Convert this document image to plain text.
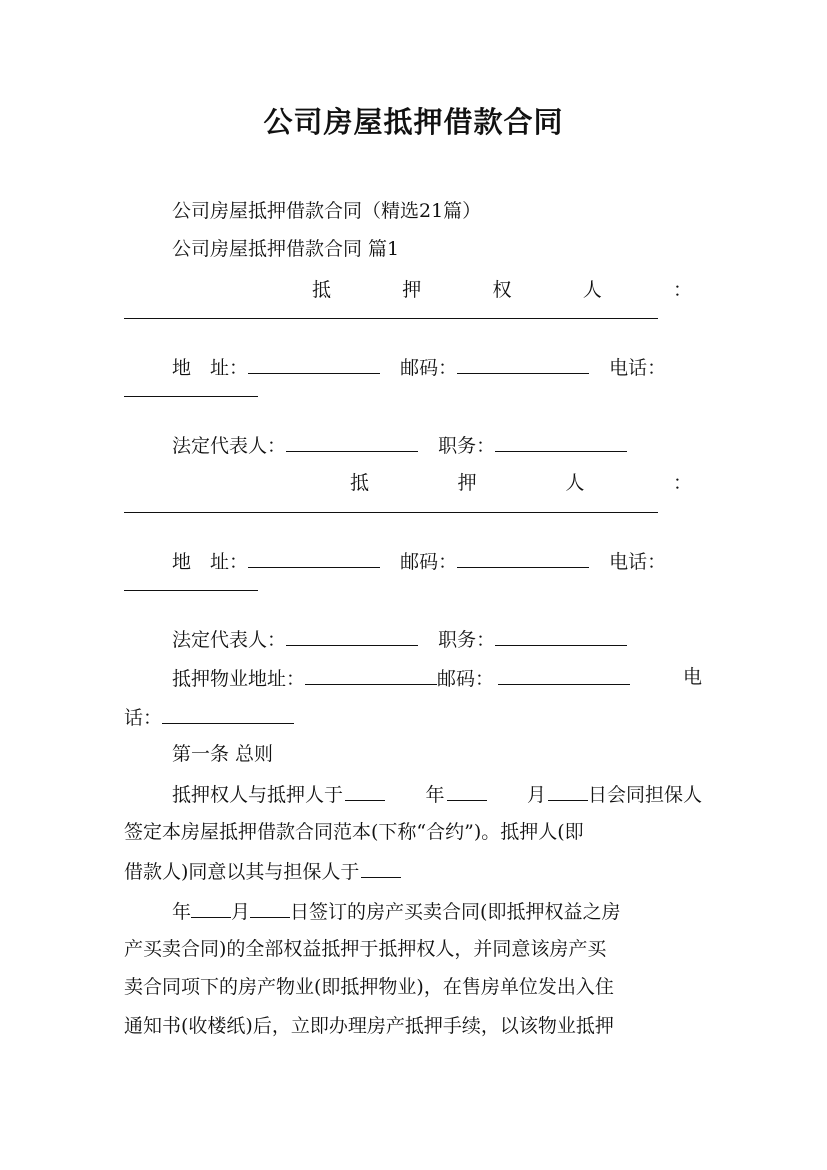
公司房屋抵押借款合同
公司房屋抵押借款合同（精选21篇）
公司房屋抵押借款合同 篇1
抵	押	权	人	：
地　址：	邮码：	电话：
法定代表人：	职务：
抵	押	人	：
地　址：	邮码：	电话：
法定代表人：	职务：
抵押物业地址：	邮码：	电
话：
第一条 总则
抵押权人与抵押人于	年	月 日会同担保人
签定本房屋抵押借款合同范本(下称“合约”)。抵押人(即
借款人)同意以其与担保人于
年 月 日签订的房产买卖合同(即抵押权益之房
产买卖合同)的全部权益抵押于抵押权人，并同意该房产买
卖合同项下的房产物业(即抵押物业)，在售房单位发出入住
通知书(收楼纸)后，立即办理房产抵押手续，以该物业抵押
